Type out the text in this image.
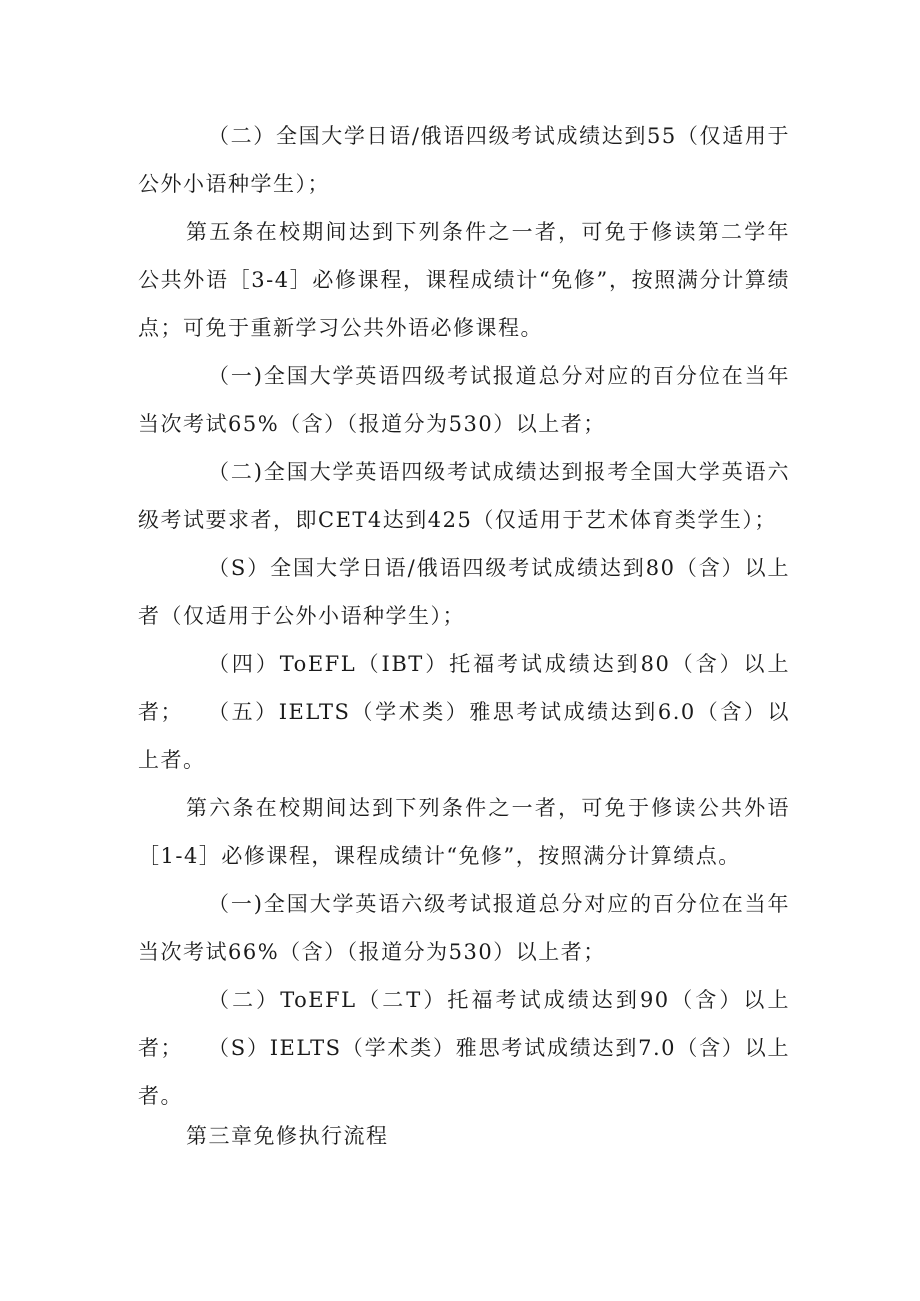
（二）全国大学日语/俄语四级考试成绩达到55（仅适用于公外小语种学生）；

第五条在校期间达到下列条件之一者，可免于修读第二学年公共外语［3-4］必修课程，课程成绩计“免修”，按照满分计算绩点；可免于重新学习公共外语必修课程。

（一)全国大学英语四级考试报道总分对应的百分位在当年当次考试65%（含）（报道分为530）以上者；

（二)全国大学英语四级考试成绩达到报考全国大学英语六级考试要求者，即CET4达到425（仅适用于艺术体育类学生）；

（S）全国大学日语/俄语四级考试成绩达到80（含）以上者（仅适用于公外小语种学生）；

（四）ToEFL（IBT）托福考试成绩达到80（含）以上者；	（五）IELTS（学术类）雅思考试成绩达到6.0（含）以上者。

第六条在校期间达到下列条件之一者，可免于修读公共外语［1-4］必修课程，课程成绩计“免修”，按照满分计算绩点。

（一)全国大学英语六级考试报道总分对应的百分位在当年当次考试66%（含）（报道分为530）以上者；

（二）ToEFL（二T）托福考试成绩达到90（含）以上者；	（S）IELTS（学术类）雅思考试成绩达到7.0（含）以上者。

第三章免修执行流程
